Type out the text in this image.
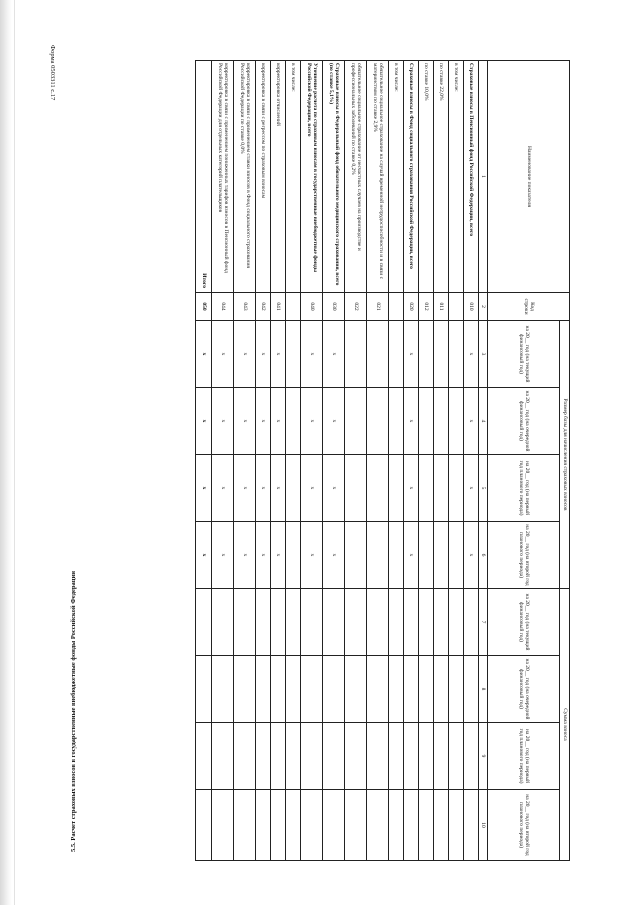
Форма 0503311 с.17
Наименование показателя	Код строки	Размер базы для начисления страховых взносов				Сумма взноса			
		на 20__ год (на текущий финансовый год)	на 20__ год (на очередной финансовый год)	на 20__ год (на первый год планового периода)	на 20__ год (на второй год планового периода)	на 20__ год (на текущий финансовый год)	на 20__ год (на очередной финансовый год)	на 20__ год (на первый год планового периода)	на 20__ год (на второй год планового периода)
1	2	3	4	5	6	7	8	9	10
Страховые взносы в Пенсионный фонд Российской Федерации, всего	010	х	х	х	х				
в том числе:									
по ставке 22,0%	011								
по ставке 10,0%	012								
Страховые взносы в Фонд социального страхования Российской Федерации, всего	020	х	х	х	х				
в том числе:									
обязательное социальное страхование на случай временной нетрудоспособности и в связи с материнством по ставке 2,9%	021								
обязательное социальное страхование от несчастных случаев на производстве и профессиональных заболеваний по ставке 0,2%	022								
Страховые взносы в Федеральный фонд обязательного медицинского страхования, всего (по ставке 5,1%)	030	х	х	х	х				
Уточнение расчета по страховым взносам в государственные внебюджетные фонды Российской Федерации, всего	040	х	х	х	х				
в том числе:									
корректировка отчислений	041	х	х	х	х				
корректировка в связи с регрессом по страховым взносам	042	х	х	х	х				
корректировка в связи с применением ставки взносов в Фонд социального страхования Российской Федерации по ставке 0,0%	043	х	х	х	х				
корректировка в связи с применением пониженных тарифов взносов в Пенсионный фонд Российской Федерации для отдельных категорий плательщиков	044	х	х	х	х				
Итого	050	х	х	х	х				
5.5. Расчет страховых взносов в государственные внебюджетные фонды Российской Федерации
